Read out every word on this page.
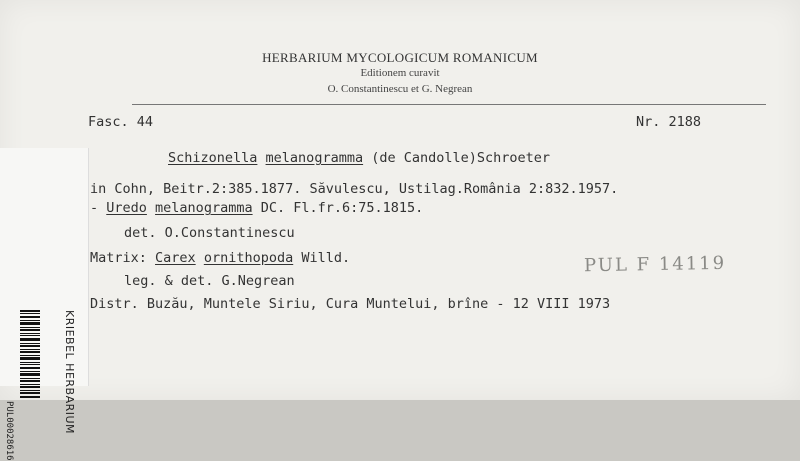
HERBARIUM MYCOLOGICUM ROMANICUM
Editionem curavit
O. Constantinescu et G. Negrean
Fasc. 44	Nr. 2188
Schizonella melanogramma (de Candolle)Schroeter
in Cohn, Beitr.2:385.1877. Săvulescu, Ustilag.România 2:832.1957.
- Uredo melanogramma DC. Fl.fr.6:75.1815.
det. O.Constantinescu
Matrix: Carex ornithopoda Willd.
leg. & det. G.Negrean
Distr. Buzău, Muntele Siriu, Cura Muntelui, brîne - 12 VIII 1973
PUL F 14119
KRIEBEL HERBARIUM
PUL00028616
